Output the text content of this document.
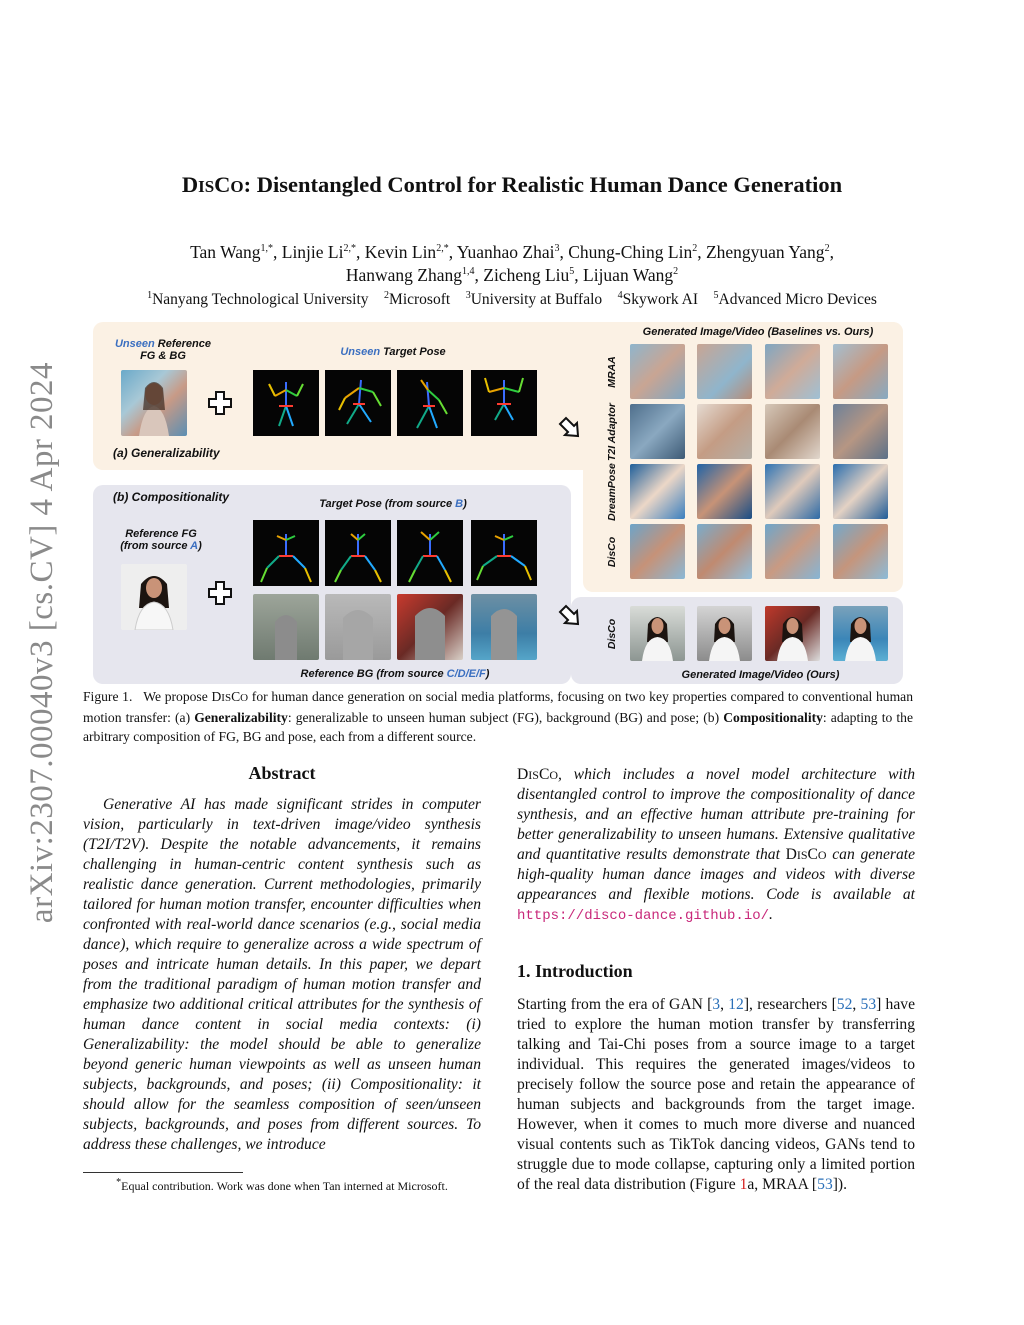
arXiv:2307.00040v3 [cs.CV] 4 Apr 2024
DISCO: Disentangled Control for Realistic Human Dance Generation
Tan Wang$^{1,*}$, Linjie $Li^{2,*}$, Kevin Lin$^{2,*}$, Yuanhao Zhai$^3$, Chung-Ching Lin$^2$, Zhengyuan Yang$^2$,
Hanwang Zhang$^{1,4}$, Zicheng Liu$^5$, Lijuan Wang$^2$
$^1$Nanyang Technological University $^2$Microsoft $^3$University at Buffalo $^4$Skywork AI $^5$Advanced Micro Devices
Unseen Reference
FG & BG	Unseen Target Pose
(a) Generalizability
(b) Compositionality	Target Pose (from source B)
Reference FG
(from source A)
Reference BG (from source C/D/E/F)
Generated Image/Video (Baselines vs. Ours)
MRAA
T2I Adaptor
DreamPose
DisCo
DisCo
Generated Image/Video (Ours)
Figure 1. We propose DISCO for human dance generation on social media platforms, focusing on two key properties compared to conventional human motion transfer: (a) Generalizability: generalizable to unseen human subject (FG), background (BG) and pose; (b) Compositionality: adapting to the arbitrary composition of FG, BG and pose, each from a different source.
Abstract
Generative AI has made significant strides in computer vision, particularly in text-driven image/video synthesis (T2I/T2V). Despite the notable advancements, it remains challenging in human-centric content synthesis such as realistic dance generation. Current methodologies, primarily tailored for human motion transfer, encounter difficulties when confronted with real-world dance scenarios (e.g., social media dance), which require to generalize across a wide spectrum of poses and intricate human details. In this paper, we depart from the traditional paradigm of human motion transfer and emphasize two additional critical attributes for the synthesis of human dance content in social media contexts: (i) Generalizability: the model should be able to generalize beyond generic human viewpoints as well as unseen human subjects, backgrounds, and poses; (ii) Compositionality: it should allow for the seamless composition of seen/unseen subjects, backgrounds, and poses from different sources. To address these challenges, we introduce
DISCO, which includes a novel model architecture with disentangled control to improve the compositionality of dance synthesis, and an effective human attribute pre-training for better generalizability to unseen humans. Extensive qualitative and quantitative results demonstrate that DISCO can generate high-quality human dance images and videos with diverse appearances and flexible motions. Code is available at https://disco-dance.github.io/.
1. Introduction
Starting from the era of GAN [3, 12], researchers [52, 53] have tried to explore the human motion transfer by transferring talking and Tai-Chi poses from a source image to a target individual. This requires the generated images/videos to precisely follow the source pose and retain the appearance of human subjects and backgrounds from the target image. However, when it comes to much more diverse and nuanced visual contents such as TikTok dancing videos, GANs tend to struggle due to mode collapse, capturing only a limited portion of the real data distribution (Figure 1a, MRAA [53]).
*Equal contribution. Work was done when Tan interned at Microsoft.
